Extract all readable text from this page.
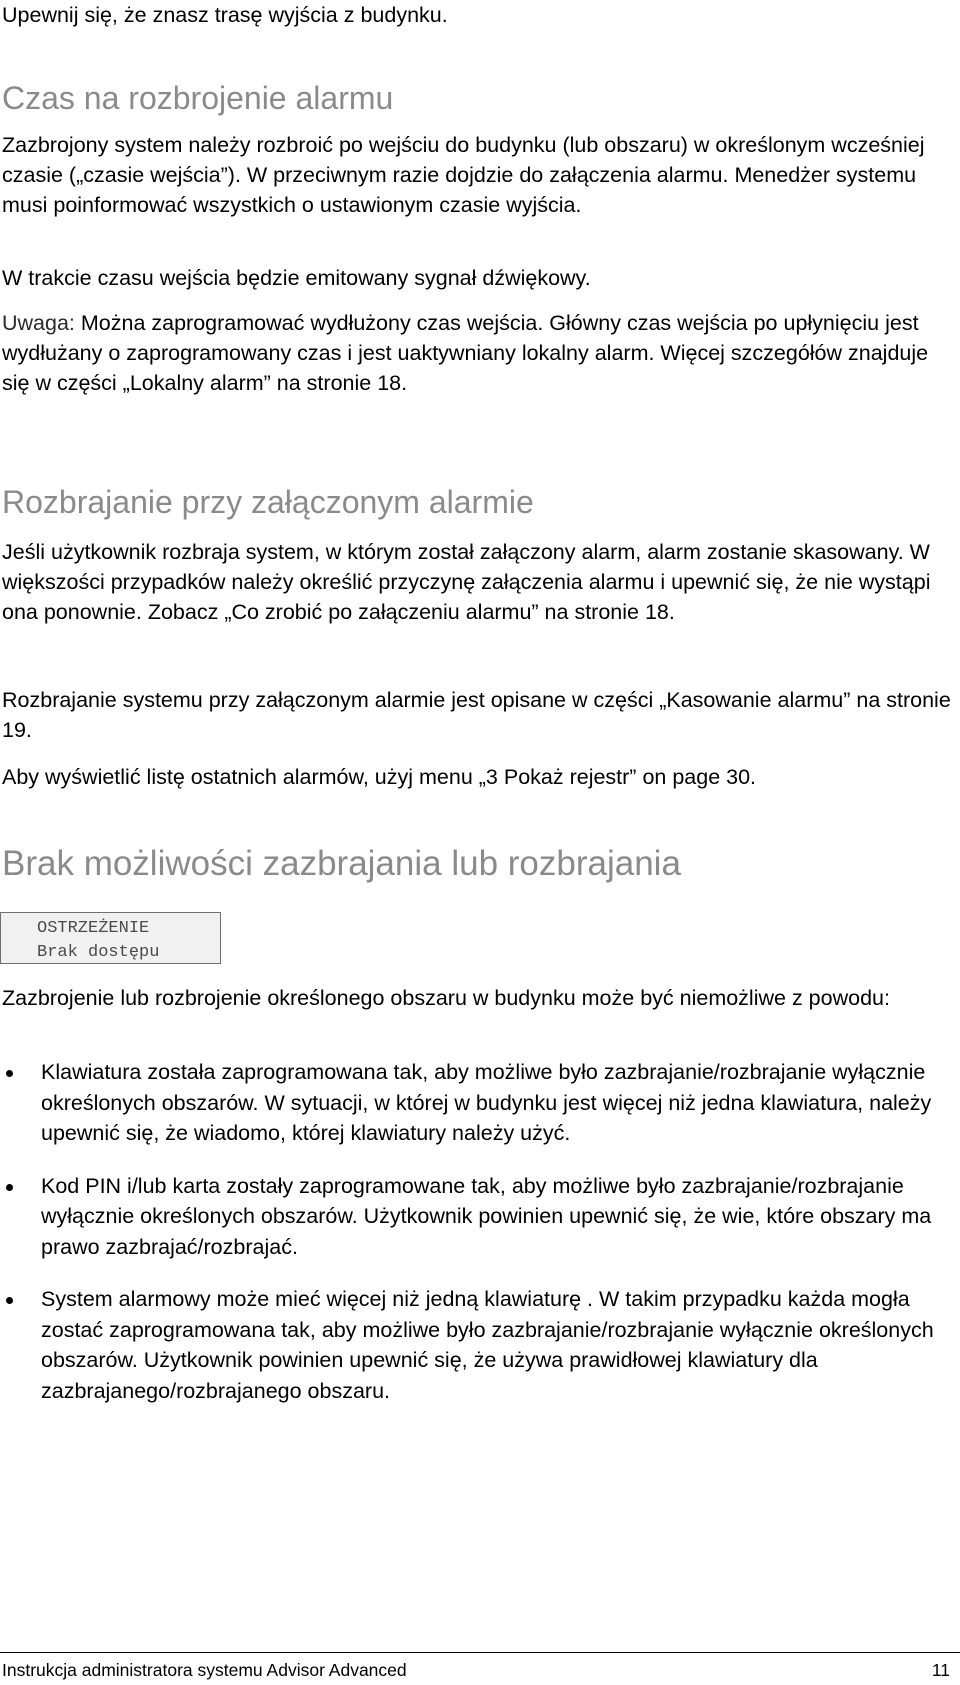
Upewnij się, że znasz trasę wyjścia z budynku.

Czas na rozbrojenie alarmu

Zazbrojony system należy rozbroić po wejściu do budynku (lub obszaru) w określonym wcześniej czasie („czasie wejścia”). W przeciwnym razie dojdzie do załączenia alarmu. Menedżer systemu musi poinformować wszystkich o ustawionym czasie wyjścia.

W trakcie czasu wejścia będzie emitowany sygnał dźwiękowy.

Uwaga: Można zaprogramować wydłużony czas wejścia. Główny czas wejścia po upłynięciu jest wydłużany o zaprogramowany czas i jest uaktywniany lokalny alarm. Więcej szczegółów znajduje się w części „Lokalny alarm” na stronie 18.

Rozbrajanie przy załączonym alarmie

Jeśli użytkownik rozbraja system, w którym został załączony alarm, alarm zostanie skasowany. W większości przypadków należy określić przyczynę załączenia alarmu i upewnić się, że nie wystąpi ona ponownie. Zobacz „Co zrobić po załączeniu alarmu” na stronie 18.

Rozbrajanie systemu przy załączonym alarmie jest opisane w części „Kasowanie alarmu” na stronie 19.

Aby wyświetlić listę ostatnich alarmów, użyj menu „3 Pokaż rejestr” on page 30.

Brak możliwości zazbrajania lub rozbrajania
OSTRZEŻENIE
Brak dostępu

Zazbrojenie lub rozbrojenie określonego obszaru w budynku może być niemożliwe z powodu:

Klawiatura została zaprogramowana tak, aby możliwe było zazbrajanie/rozbrajanie wyłącznie określonych obszarów. W sytuacji, w której w budynku jest więcej niż jedna klawiatura, należy upewnić się, że wiadomo, której klawiatury należy użyć.
Kod PIN i/lub karta zostały zaprogramowane tak, aby możliwe było zazbrajanie/rozbrajanie wyłącznie określonych obszarów. Użytkownik powinien upewnić się, że wie, które obszary ma prawo zazbrajać/rozbrajać.
System alarmowy może mieć więcej niż jedną klawiaturę . W takim przypadku każda mogła zostać zaprogramowana tak, aby możliwe było zazbrajanie/rozbrajanie wyłącznie określonych obszarów. Użytkownik powinien upewnić się, że używa prawidłowej klawiatury dla zazbrajanego/rozbrajanego obszaru.
Instrukcja administratora systemu Advisor Advanced	11
